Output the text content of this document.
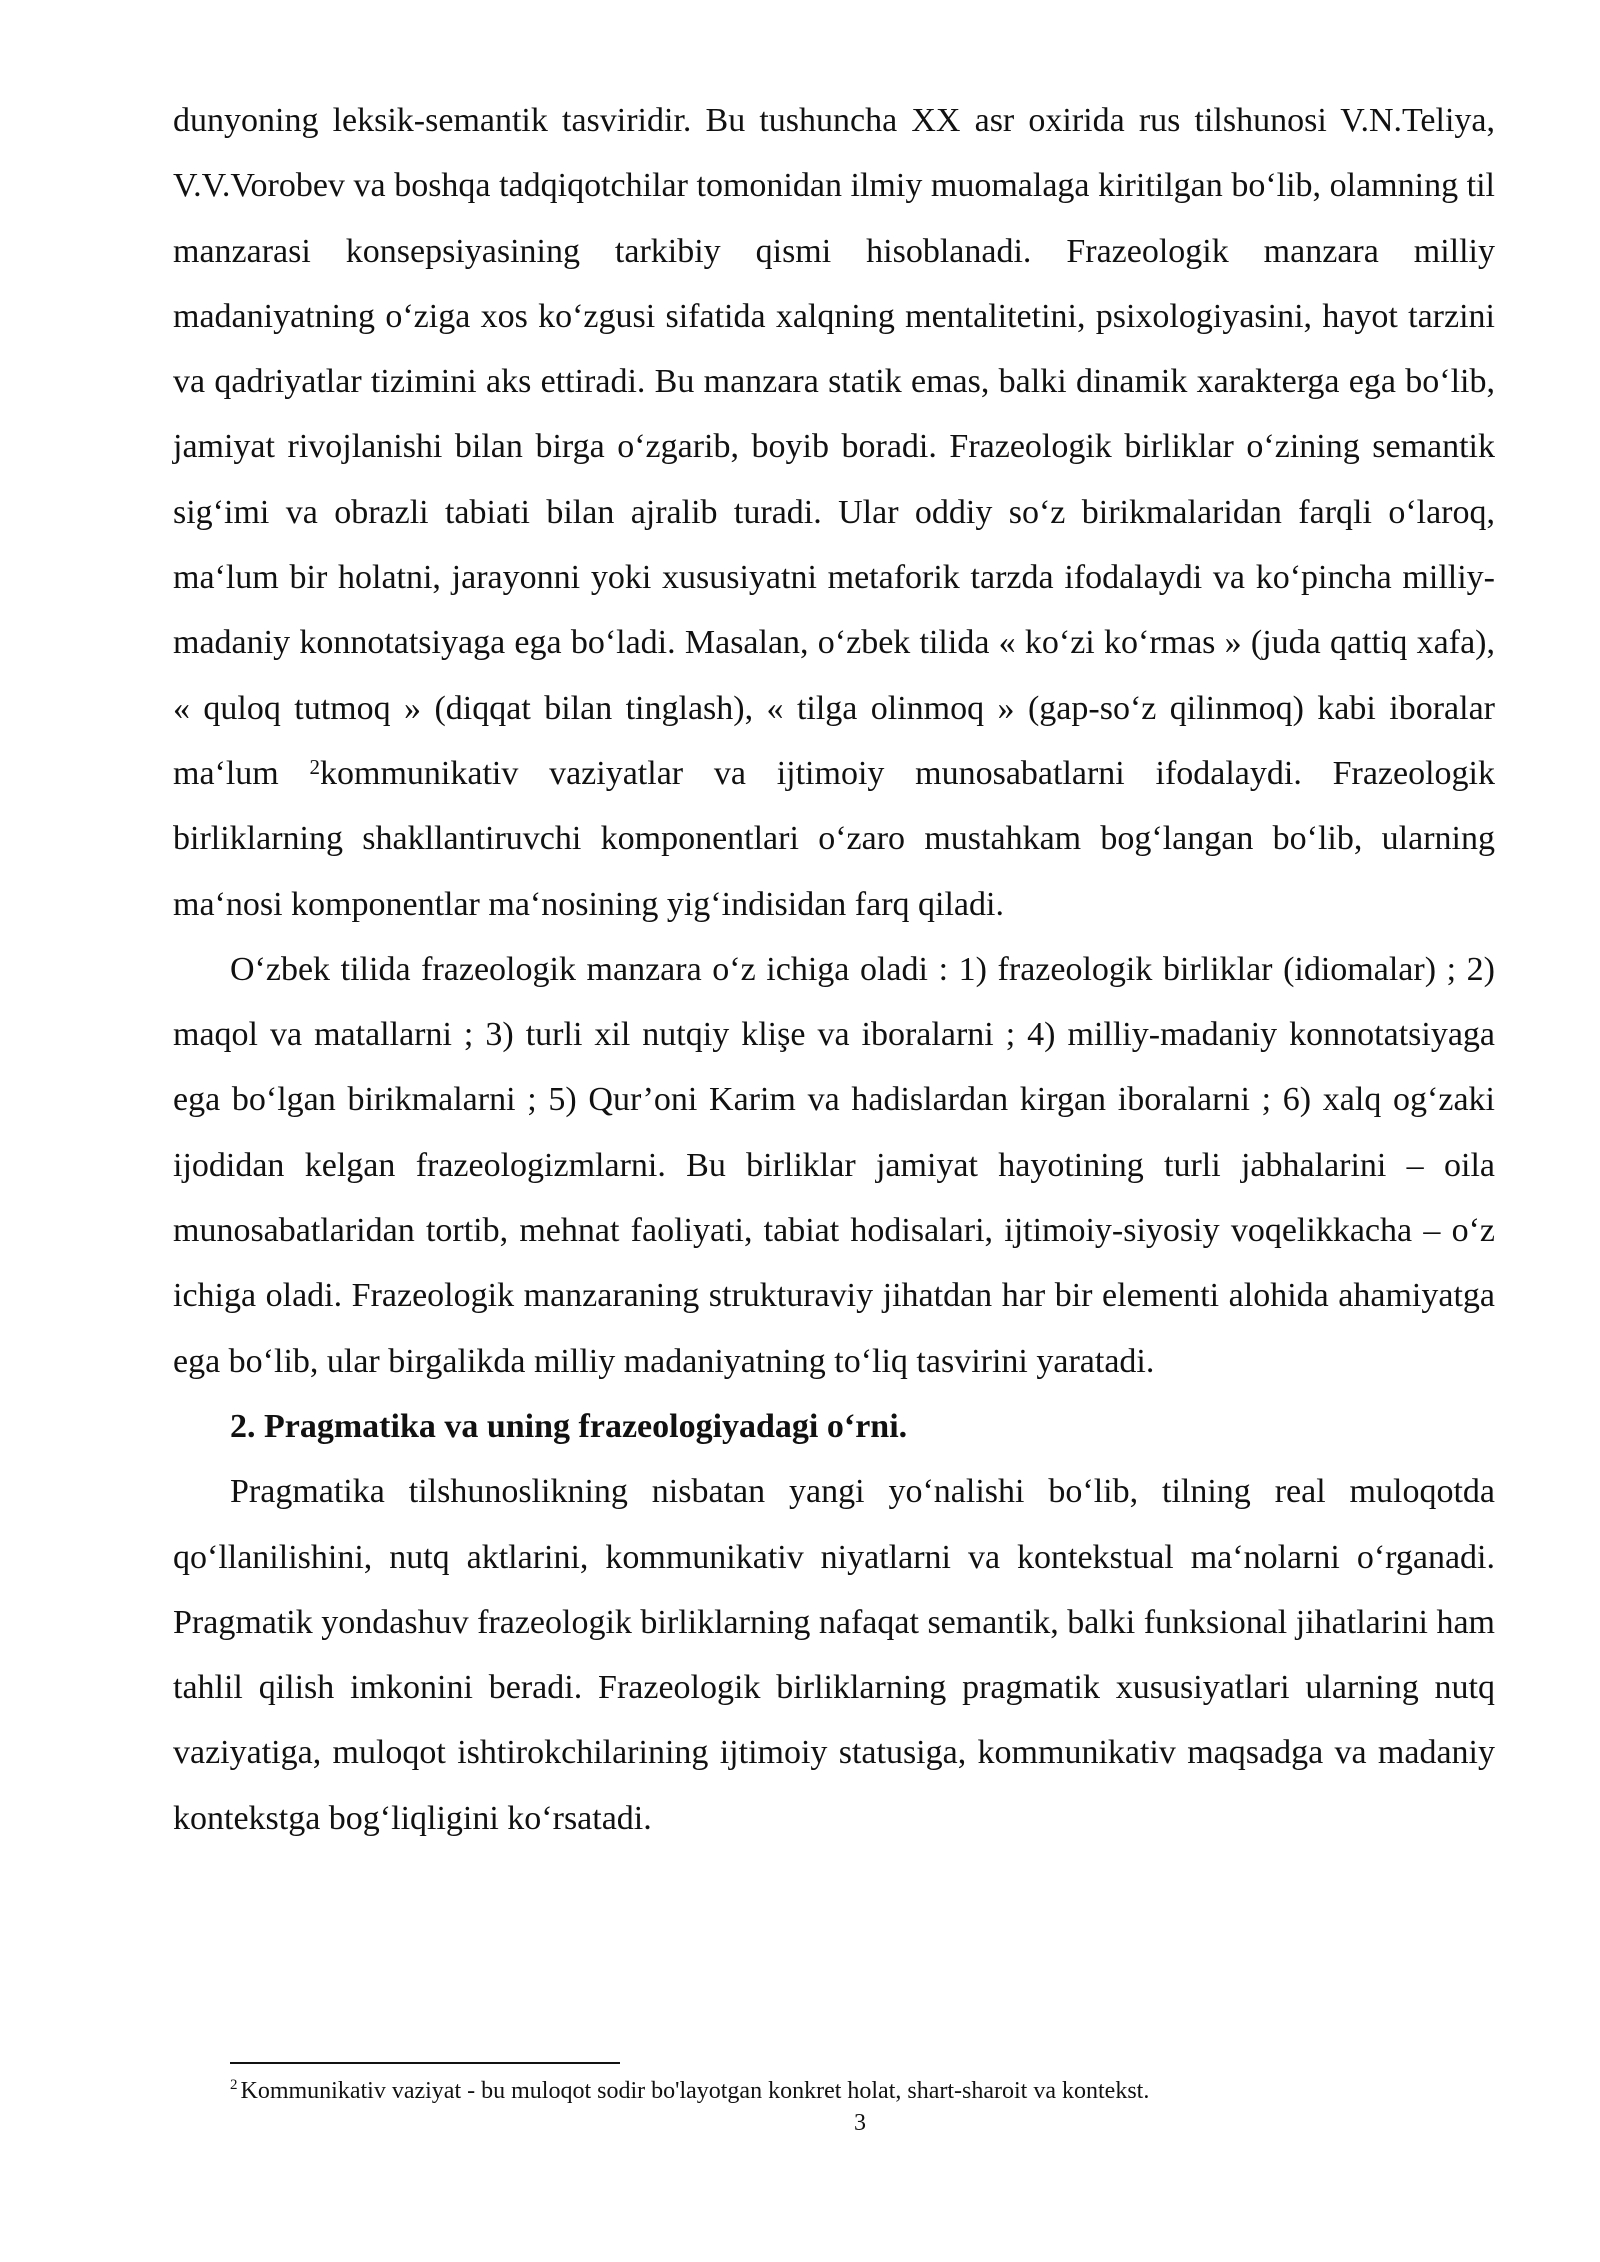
dunyoning leksik-semantik tasviridir. Bu tushuncha XX asr oxirida rus tilshunosi V.N.Teliya, V.V.Vorobev va boshqa tadqiqotchilar tomonidan ilmiy muomalaga kiritilgan bo‘lib, olamning til manzarasi konsepsiyasining tarkibiy qismi hisoblanadi. Frazeologik manzara milliy madaniyatning o‘ziga xos ko‘zgusi sifatida xalqning mentalitetini, psixologiyasini, hayot tarzini va qadriyatlar tizimini aks ettiradi. Bu manzara statik emas, balki dinamik xarakterga ega bo‘lib, jamiyat rivojlanishi bilan birga o‘zgarib, boyib boradi. Frazeologik birliklar o‘zining semantik sig‘imi va obrazli tabiati bilan ajralib turadi. Ular oddiy so‘z birikmalaridan farqli o‘laroq, ma‘lum bir holatni, jarayonni yoki xususiyatni metaforik tarzda ifodalaydi va ko‘pincha milliy-madaniy konnotatsiyaga ega bo‘ladi. Masalan, o‘zbek tilida « ko‘zi ko‘rmas » (juda qattiq xafa), « quloq tutmoq » (diqqat bilan tinglash), « tilga olinmoq » (gap-so‘z qilinmoq) kabi iboralar ma‘lum $^2$kommunikativ vaziyatlar va ijtimoiy munosabatlarni ifodalaydi. Frazeologik birliklarning shakllantiruvchi komponentlari o‘zaro mustahkam bog‘langan bo‘lib, ularning ma‘nosi komponentlar ma‘nosining yig‘indisidan farq qiladi.

O‘zbek tilida frazeologik manzara o‘z ichiga oladi : 1) frazeologik birliklar (idiomalar) ; 2) maqol va matallarni ; 3) turli xil nutqiy klişe va iboralarni ; 4) milliy-madaniy konnotatsiyaga ega bo‘lgan birikmalarni ; 5) Qur’oni Karim va hadislardan kirgan iboralarni ; 6) xalq og‘zaki ijodidan kelgan frazeologizmlarni. Bu birliklar jamiyat hayotining turli jabhalarini – oila munosabatlaridan tortib, mehnat faoliyati, tabiat hodisalari, ijtimoiy-siyosiy voqelikkacha – o‘z ichiga oladi. Frazeologik manzaraning strukturaviy jihatdan har bir elementi alohida ahamiyatga ega bo‘lib, ular birgalikda milliy madaniyatning to‘liq tasvirini yaratadi.

2. Pragmatika va uning frazeologiyadagi o‘rni.

Pragmatika tilshunoslikning nisbatan yangi yo‘nalishi bo‘lib, tilning real muloqotda qo‘llanilishini, nutq aktlarini, kommunikativ niyatlarni va kontekstual ma‘nolarni o‘rganadi. Pragmatik yondashuv frazeologik birliklarning nafaqat semantik, balki funksional jihatlarini ham tahlil qilish imkonini beradi. Frazeologik birliklarning pragmatik xususiyatlari ularning nutq vaziyatiga, muloqot ishtirokchilarining ijtimoiy statusiga, kommunikativ maqsadga va madaniy kontekstga bog‘liqligini ko‘rsatadi.

$^2$ Kommunikativ vaziyat - bu muloqot sodir bo'layotgan konkret holat, shart-sharoit va kontekst.
3
